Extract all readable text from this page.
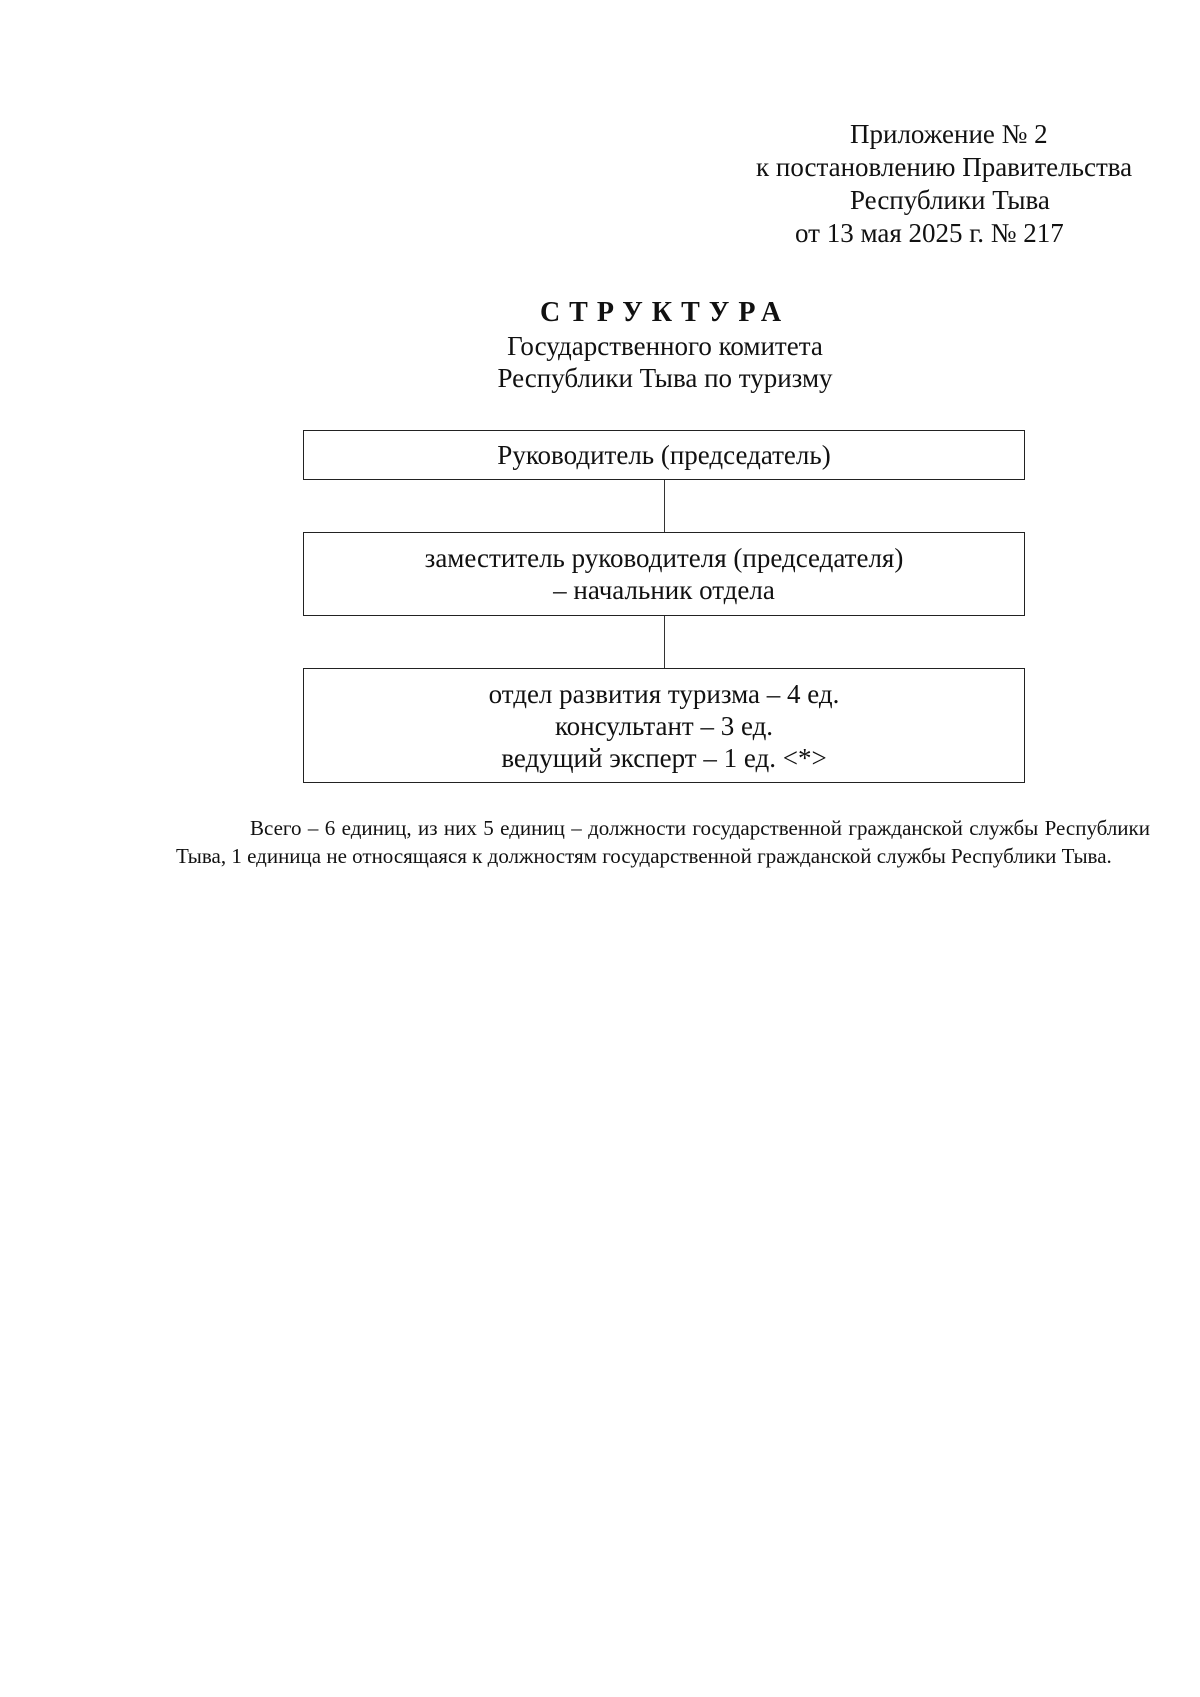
Приложение № 2
к постановлению Правительства
Республики Тыва
от 13 мая 2025 г. № 217
СТРУКТУРА
Государственного комитета
Республики Тыва по туризму
Руководитель (председатель)
заместитель руководителя (председателя)
– начальник отдела
отдел развития туризма – 4 ед.
консультант – 3 ед.
ведущий эксперт – 1 ед. <*>
Всего – 6 единиц, из них 5 единиц – должности государственной гражданской службы Республики Тыва, 1 единица не относящаяся к должностям государственной гражданской службы Республики Тыва.
